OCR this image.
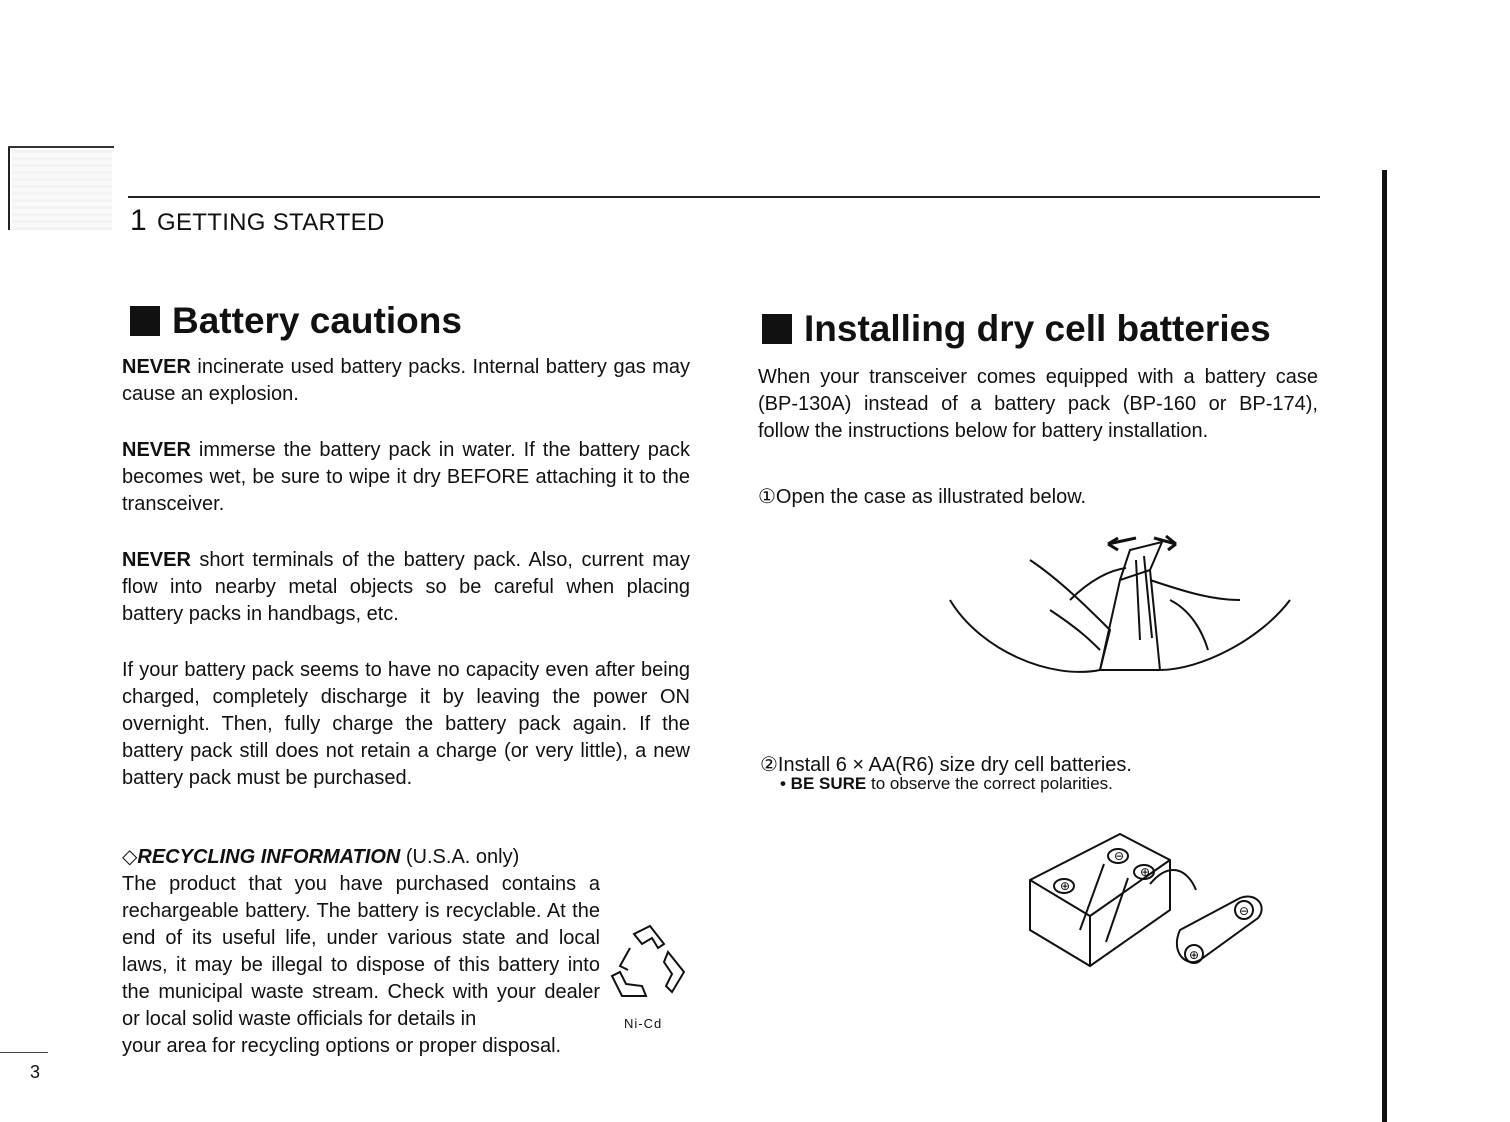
1 GETTING STARTED
Battery cautions

NEVER incinerate used battery packs. Internal battery gas may cause an explosion.

NEVER immerse the battery pack in water. If the battery pack becomes wet, be sure to wipe it dry BEFORE attaching it to the transceiver.

NEVER short terminals of the battery pack. Also, current may flow into nearby metal objects so be careful when placing battery packs in handbags, etc.

If your battery pack seems to have no capacity even after being charged, completely discharge it by leaving the power ON overnight. Then, fully charge the battery pack again. If the battery pack still does not retain a charge (or very little), a new battery pack must be purchased.

◇RECYCLING INFORMATION (U.S.A. only)
The product that you have purchased contains a rechargeable battery. The battery is recyclable. At the end of its useful life, under various state and local laws, it may be illegal to dispose of this battery into the municipal waste stream. Check with your dealer or local solid waste officials for details in
your area for recycling options or proper disposal.
Ni-Cd
Installing dry cell batteries

When your transceiver comes equipped with a battery case (BP-130A) instead of a battery pack (BP-160 or BP-174), follow the instructions below for battery installation.

①Open the case as illustrated below.
②Install 6 × AA(R6) size dry cell batteries.
• BE SURE to observe the correct polarities.
⊖
⊕
⊕
⊖
⊕
3
